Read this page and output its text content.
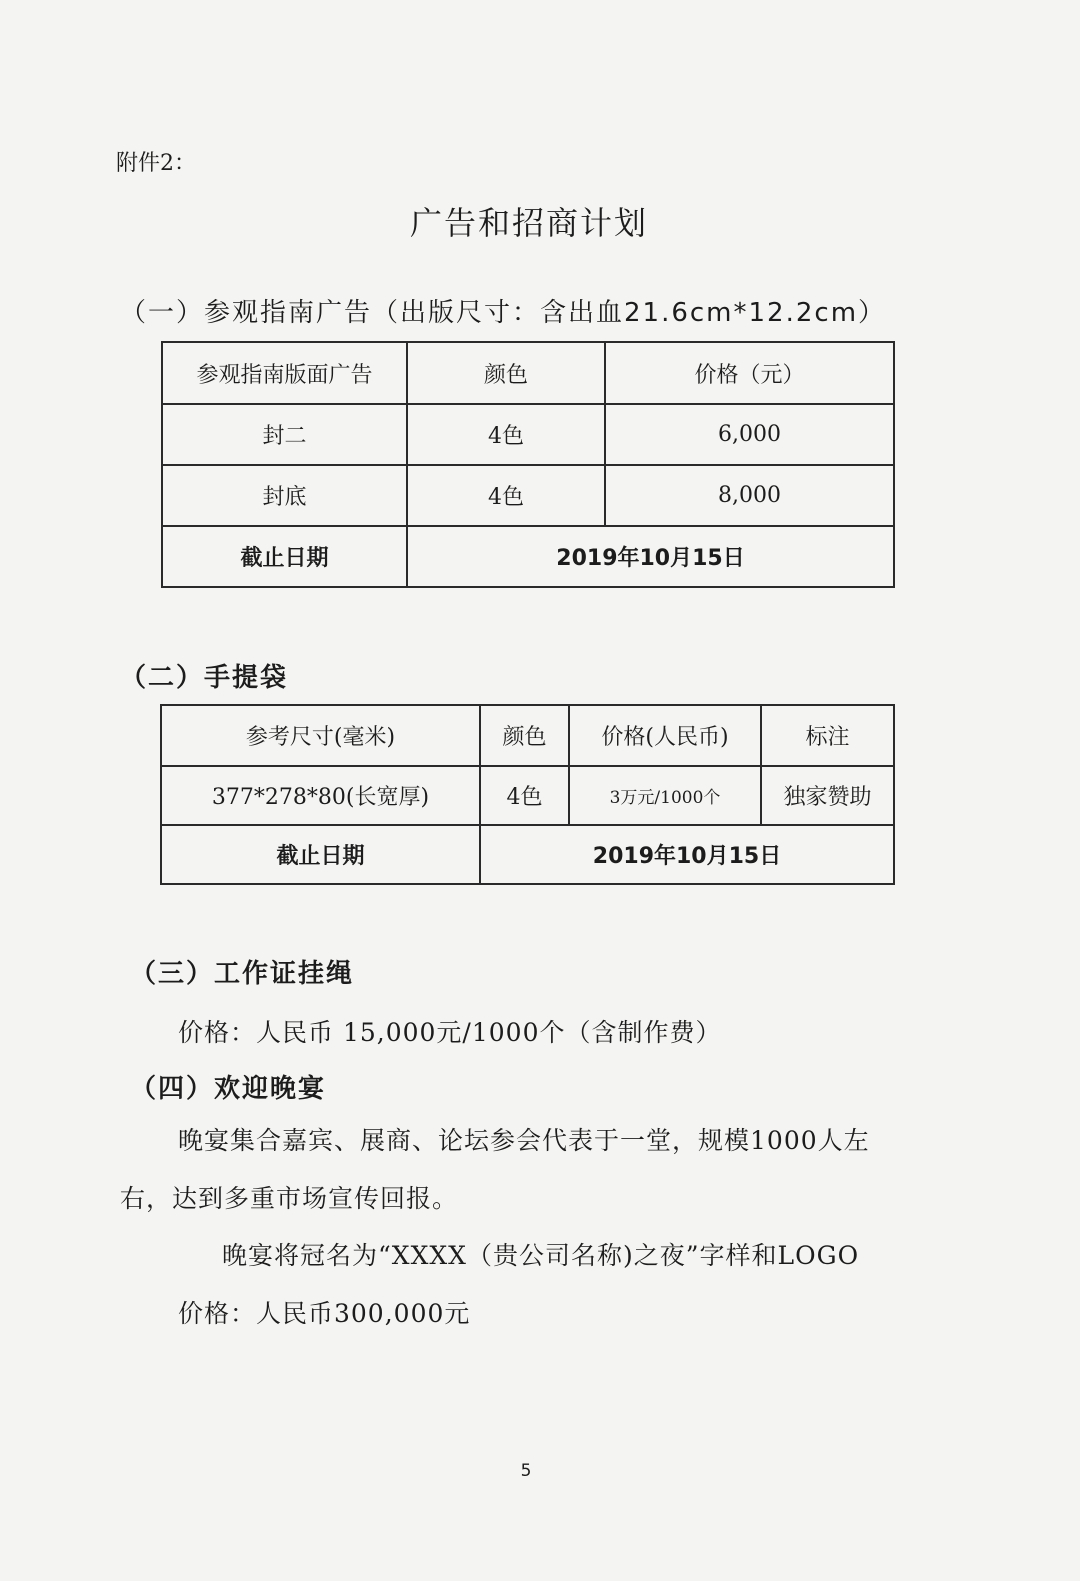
附件2：
广告和招商计划
（一）参观指南广告（出版尺寸：含出血21.6cm*12.2cm）
参观指南版面广告	颜色	价格（元）
封二	4色	6,000
封底	4色	8,000
截止日期	2019年10月15日	
（二）手提袋
参考尺寸(毫米)	颜色	价格(人民币)	标注
377*278*80(长宽厚)	4色	3万元/1000个	独家赞助
截止日期	2019年10月15日		
（三）工作证挂绳
价格：人民币 15,000元/1000个（含制作费）
（四）欢迎晚宴
晚宴集合嘉宾、展商、论坛参会代表于一堂，规模1000人左
右，达到多重市场宣传回报。
晚宴将冠名为“XXXX（贵公司名称)之夜”字样和LOGO
价格：人民币300,000元
5
